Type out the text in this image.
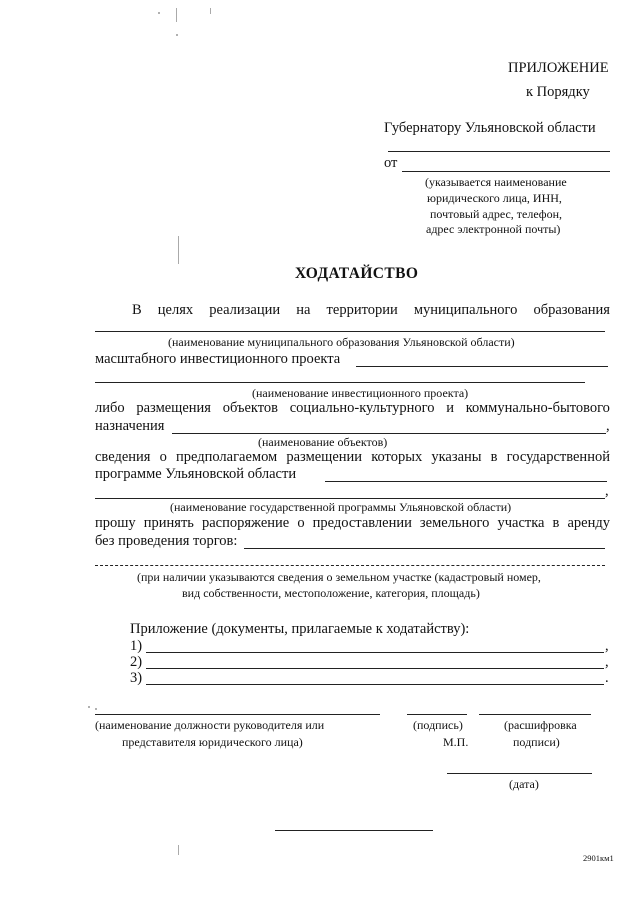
ПРИЛОЖЕНИЕ
к Порядку
Губернатору Ульяновской области
от
(указывается наименование
юридического лица, ИНН,
почтовый адрес, телефон,
адрес электронной почты)
ХОДАТАЙСТВО
В целях реализации на территории муниципального образования
(наименование муниципального образования Ульяновской области)
масштабного инвестиционного проекта
(наименование инвестиционного проекта)
либо размещения объектов социально-культурного и коммунально-бытового
назначения	,
(наименование объектов)
сведения о предполагаемом размещении которых указаны в государственной
программе Ульяновской области
,
(наименование государственной программы Ульяновской области)
прошу принять распоряжение о предоставлении земельного участка в аренду
без проведения торгов:
(при наличии указываются сведения о земельном участке (кадастровый номер,
вид собственности, местоположение, категория, площадь)
Приложение (документы, прилагаемые к ходатайству):
1)	,
2)	,
3)	.
(наименование должности руководителя или
представителя юридического лица)
(подпись)
М.П.
(расшифровка
подписи)
(дата)
2901км1
